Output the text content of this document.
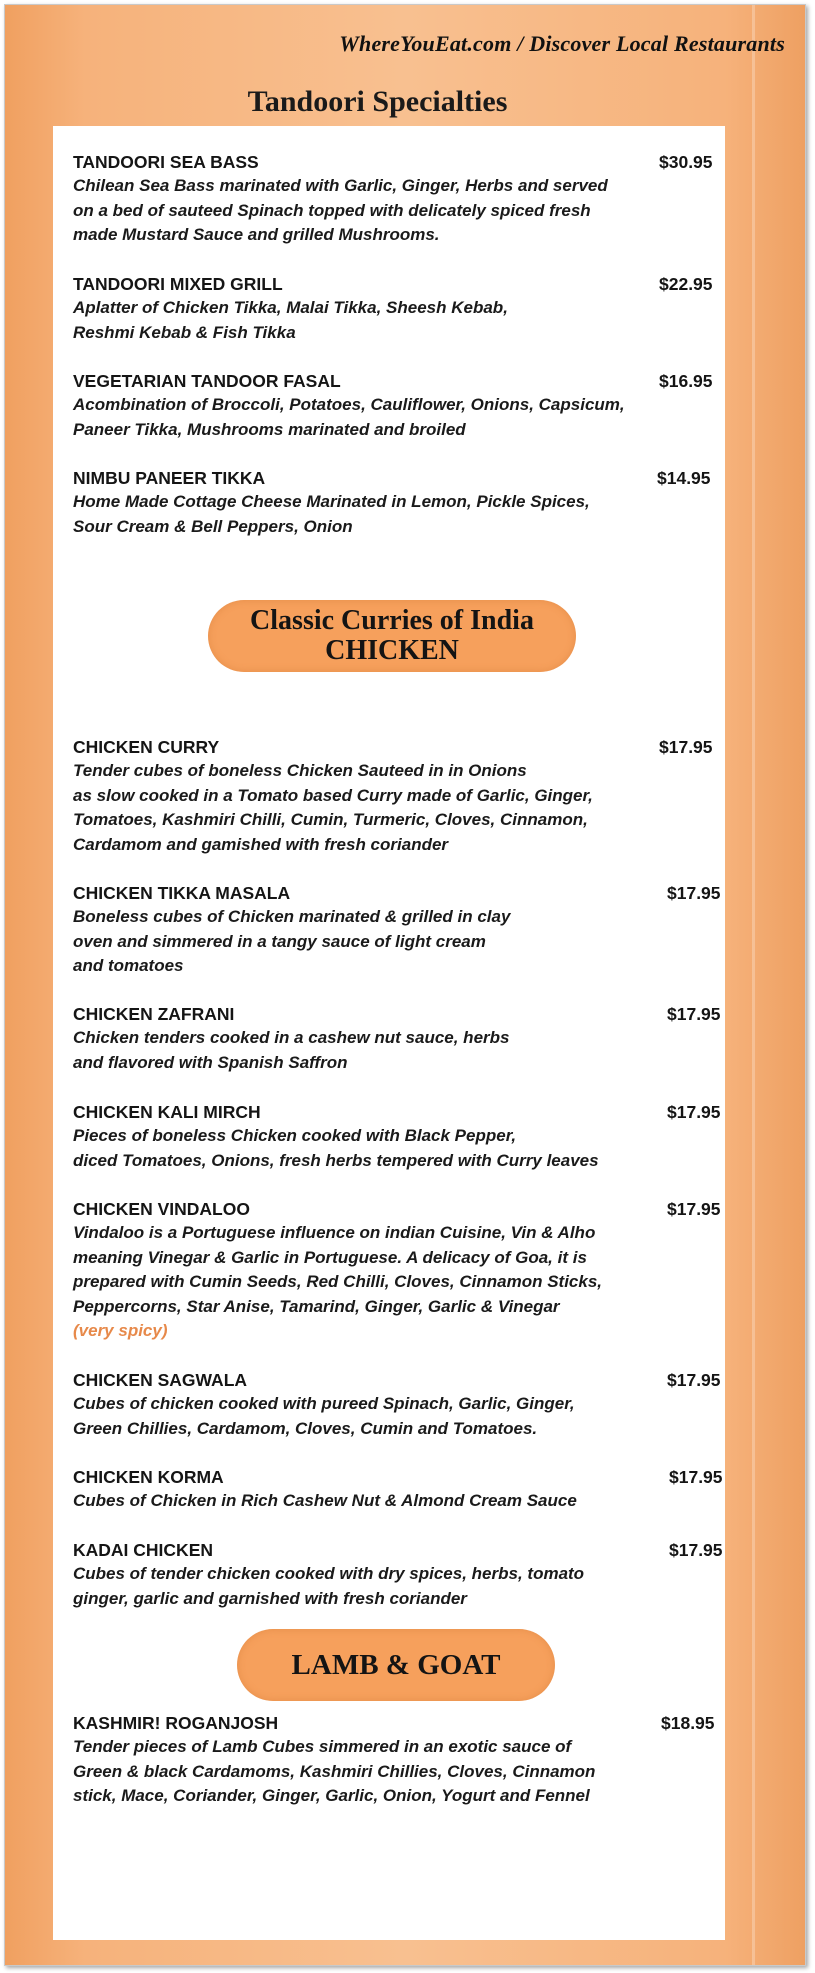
WhereYouEat.com / Discover Local Restaurants
Tandoori Specialties
TANDOORI SEA BASS	$30.95
Chilean Sea Bass marinated with Garlic, Ginger, Herbs and served
on a bed of sauteed Spinach topped with delicately spiced fresh
made Mustard Sauce and grilled Mushrooms.
TANDOORI MIXED GRILL	$22.95
Aplatter of Chicken Tikka, Malai Tikka, Sheesh Kebab,
Reshmi Kebab & Fish Tikka
VEGETARIAN TANDOOR FASAL	$16.95
Acombination of Broccoli, Potatoes, Cauliflower, Onions, Capsicum,
Paneer Tikka, Mushrooms marinated and broiled
NIMBU PANEER TIKKA	$14.95
Home Made Cottage Cheese Marinated in Lemon, Pickle Spices,
Sour Cream & Bell Peppers, Onion
Classic Curries of India
CHICKEN
CHICKEN CURRY	$17.95
Tender cubes of boneless Chicken Sauteed in in Onions
as slow cooked in a Tomato based Curry made of Garlic, Ginger,
Tomatoes, Kashmiri Chilli, Cumin, Turmeric, Cloves, Cinnamon,
Cardamom and gamished with fresh coriander
CHICKEN TIKKA MASALA	$17.95
Boneless cubes of Chicken marinated & grilled in clay
oven and simmered in a tangy sauce of light cream
and tomatoes
CHICKEN ZAFRANI	$17.95
Chicken tenders cooked in a cashew nut sauce, herbs
and flavored with Spanish Saffron
CHICKEN KALI MIRCH	$17.95
Pieces of boneless Chicken cooked with Black Pepper,
diced Tomatoes, Onions, fresh herbs tempered with Curry leaves
CHICKEN VINDALOO	$17.95
Vindaloo is a Portuguese influence on indian Cuisine, Vin & Alho
meaning Vinegar & Garlic in Portuguese. A delicacy of Goa, it is
prepared with Cumin Seeds, Red Chilli, Cloves, Cinnamon Sticks,
Peppercorns, Star Anise, Tamarind, Ginger, Garlic & Vinegar
(very spicy)
CHICKEN SAGWALA	$17.95
Cubes of chicken cooked with pureed Spinach, Garlic, Ginger,
Green Chillies, Cardamom, Cloves, Cumin and Tomatoes.
CHICKEN KORMA	$17.95
Cubes of Chicken in Rich Cashew Nut & Almond Cream Sauce
KADAI CHICKEN	$17.95
Cubes of tender chicken cooked with dry spices, herbs, tomato
ginger, garlic and garnished with fresh coriander
LAMB & GOAT
KASHMIR! ROGANJOSH	$18.95
Tender pieces of Lamb Cubes simmered in an exotic sauce of
Green & black Cardamoms, Kashmiri Chillies, Cloves, Cinnamon
stick, Mace, Coriander, Ginger, Garlic, Onion, Yogurt and Fennel
